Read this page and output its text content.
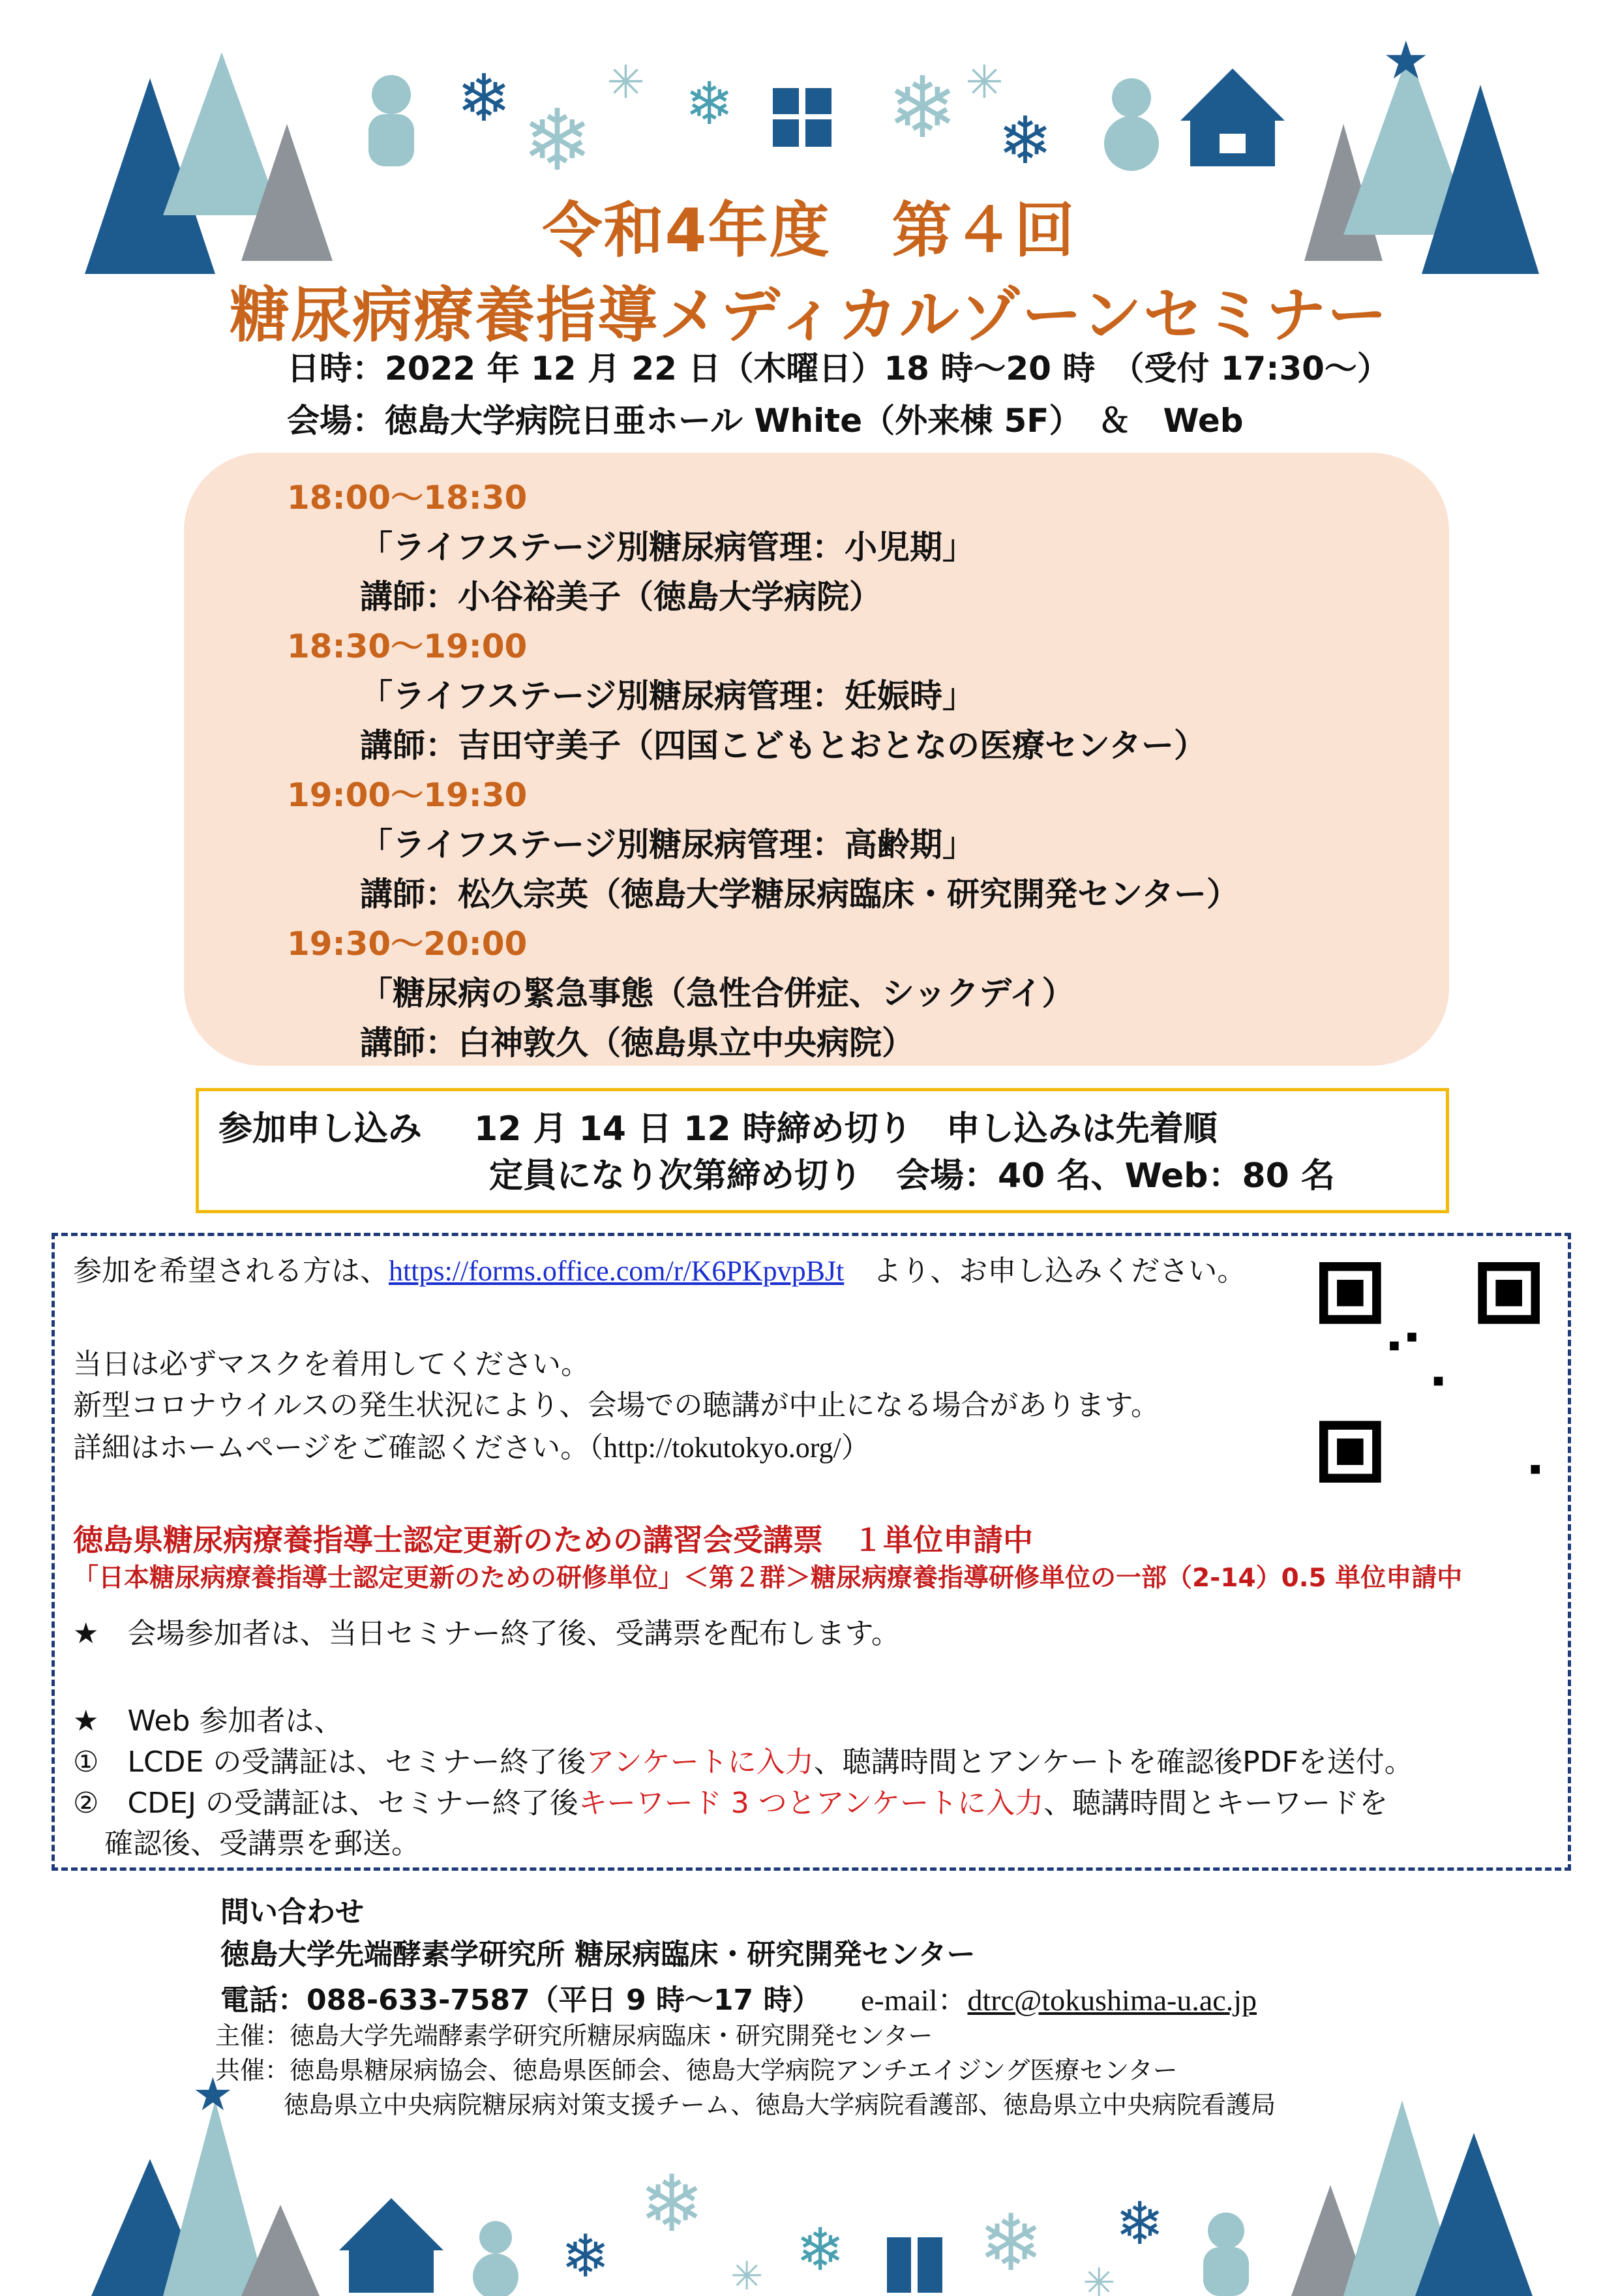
❄ ❄
✳ ❄ ❄ ✳
❄
★
令和4年度　第４回
糖尿病療養指導メディカルゾーンセミナー
日時：2022 年 12 月 22 日（木曜日）18 時～20 時　（受付 17:30～）
会場：徳島大学病院日亜ホール White（外来棟 5F）　＆　Web
18:00～18:30
「ライフステージ別糖尿病管理：小児期」
講師：小谷裕美子（徳島大学病院）
18:30～19:00
「ライフステージ別糖尿病管理：妊娠時」
講師：吉田守美子（四国こどもとおとなの医療センター）
19:00～19:30
「ライフステージ別糖尿病管理：高齢期」
講師：松久宗英（徳島大学糖尿病臨床・研究開発センター）
19:30～20:00
「糖尿病の緊急事態（急性合併症、シックデイ）
講師：白神敦久（徳島県立中央病院）
参加申し込み 12 月 14 日 12 時締め切り　申し込みは先着順
定員になり次第締め切り　会場：40 名、Web：80 名
参加を希望される方は、https://forms.office.com/r/K6PKpvpBJt　より、お申し込みください。
当日は必ずマスクを着用してください。
新型コロナウイルスの発生状況により、会場での聴講が中止になる場合があります。
詳細はホームページをご確認ください。（http://tokutokyo.org/）
徳島県糖尿病療養指導士認定更新のための講習会受講票　１単位申請中
「日本糖尿病療養指導士認定更新のための研修単位」＜第２群＞糖尿病療養指導研修単位の一部（2-14）0.5 単位申請中
★　会場参加者は、当日セミナー終了後、受講票を配布します。
★　Web 参加者は、
①　LCDE の受講証は、セミナー終了後アンケートに入力、聴講時間とアンケートを確認後PDFを送付。
②　CDEJ の受講証は、セミナー終了後キーワード 3 つとアンケートに入力、聴講時間とキーワードを
確認後、受講票を郵送。
問い合わせ
徳島大学先端酵素学研究所 糖尿病臨床・研究開発センター
電話：088-633-7587（平日 9 時～17 時） e-mail：dtrc@tokushima-u.ac.jp
主催：徳島大学先端酵素学研究所糖尿病臨床・研究開発センター
共催：徳島県糖尿病協会、徳島県医師会、徳島大学病院アンチエイジング医療センター
徳島県立中央病院糖尿病対策支援チーム、徳島大学病院看護部、徳島県立中央病院看護局
❄
❄
✳ ❄ ❄ ✳
❄
★
